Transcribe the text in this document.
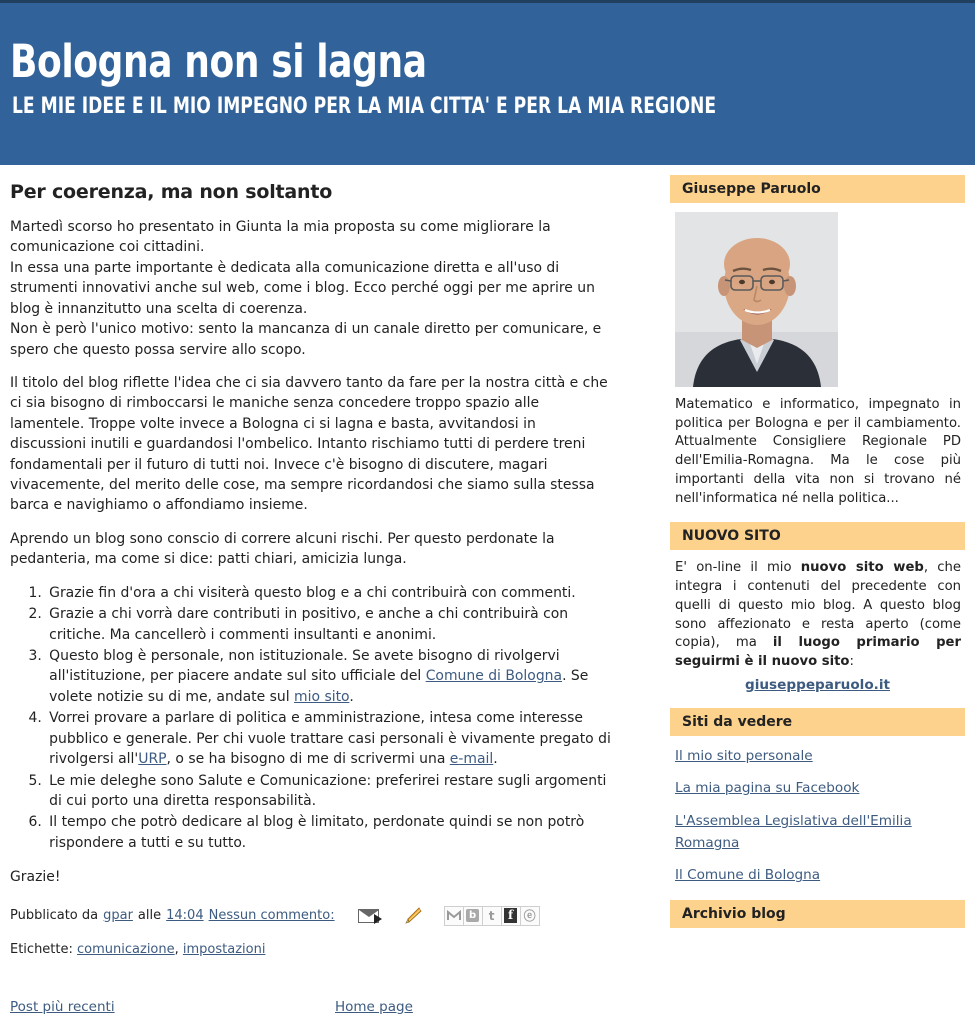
Bologna non si lagna
LE MIE IDEE E IL MIO IMPEGNO PER LA MIA CITTA' E PER LA MIA REGIONE
Per coerenza, ma non soltanto

Martedì scorso ho presentato in Giunta la mia proposta su come migliorare la comunicazione coi cittadini.
In essa una parte importante è dedicata alla comunicazione diretta e all'uso di strumenti innovativi anche sul web, come i blog. Ecco perché oggi per me aprire un blog è innanzitutto una scelta di coerenza.
Non è però l'unico motivo: sento la mancanza di un canale diretto per comunicare, e spero che questo possa servire allo scopo.

Il titolo del blog riflette l'idea che ci sia davvero tanto da fare per la nostra città e che ci sia bisogno di rimboccarsi le maniche senza concedere troppo spazio alle lamentele. Troppe volte invece a Bologna ci si lagna e basta, avvitandosi in discussioni inutili e guardandosi l'ombelico. Intanto rischiamo tutti di perdere treni fondamentali per il futuro di tutti noi. Invece c'è bisogno di discutere, magari vivacemente, del merito delle cose, ma sempre ricordandosi che siamo sulla stessa barca e navighiamo o affondiamo insieme.

Aprendo un blog sono conscio di correre alcuni rischi. Per questo perdonate la pedanteria, ma come si dice: patti chiari, amicizia lunga.

1. Grazie fin d'ora a chi visiterà questo blog e a chi contribuirà con commenti.
2. Grazie a chi vorrà dare contributi in positivo, e anche a chi contribuirà con critiche. Ma cancellerò i commenti insultanti e anonimi.
3. Questo blog è personale, non istituzionale. Se avete bisogno di rivolgervi all'istituzione, per piacere andate sul sito ufficiale del Comune di Bologna. Se volete notizie su di me, andate sul mio sito.
4. Vorrei provare a parlare di politica e amministrazione, intesa come interesse pubblico e generale. Per chi vuole trattare casi personali è vivamente pregato di rivolgersi all'URP, o se ha bisogno di me di scrivermi una e-mail.
5. Le mie deleghe sono Salute e Comunicazione: preferirei restare sugli argomenti di cui porto una diretta responsabilità.
6. Il tempo che potrò dedicare al blog è limitato, perdonate quindi se non potrò rispondere a tutti e su tutto.

Grazie!

Pubblicato da gpar alle 14:04 Nessun commento:	b	t	f ⓔ
Etichette: comunicazione, impostazioni
Post più recenti	Home page
Giuseppe Paruolo
Matematico e informatico, impegnato in politica per Bologna e per il cambiamento. Attualmente Consigliere Regionale PD dell'Emilia-Romagna. Ma le cose più importanti della vita non si trovano né nell'informatica né nella politica...
NUOVO SITO
E' on-line il mio nuovo sito web, che integra i contenuti del precedente con quelli di questo mio blog. A questo blog sono affezionato e resta aperto (come copia), ma il luogo primario per seguirmi è il nuovo sito:
giuseppeparuolo.it
Siti da vedere
Il mio sito personale
La mia pagina su Facebook
L'Assemblea Legislativa dell'Emilia Romagna
Il Comune di Bologna
Archivio blog
